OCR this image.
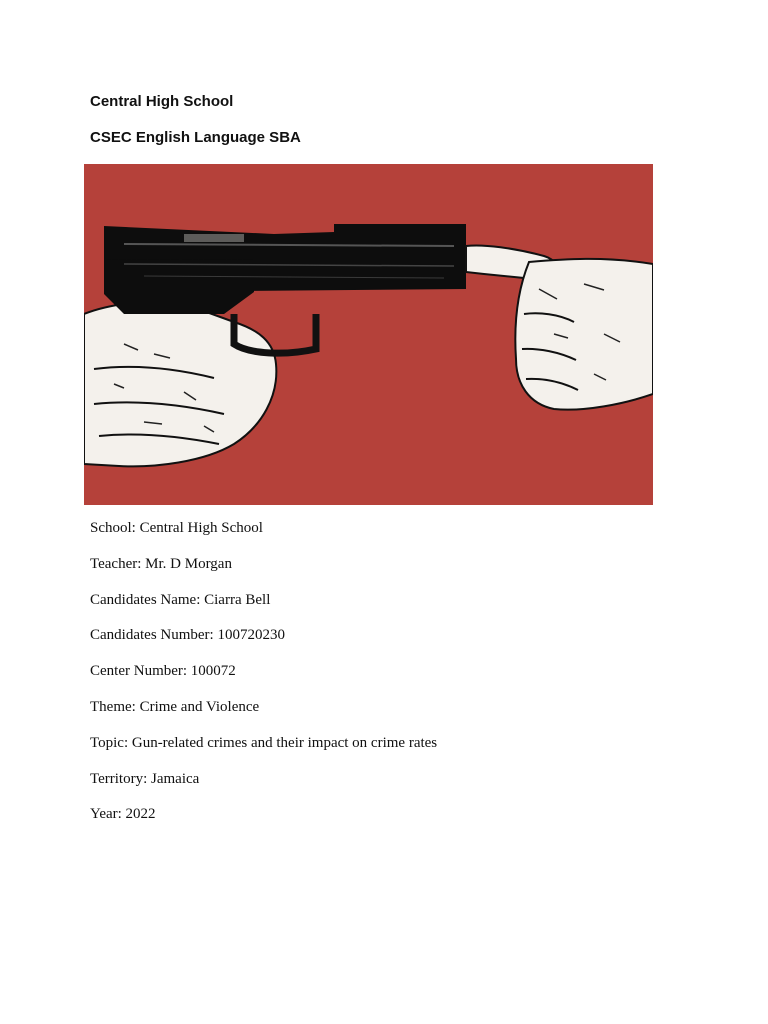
Central High School
CSEC English Language SBA
School: Central High School
Teacher: Mr. D Morgan
Candidates Name: Ciarra Bell
Candidates Number: 100720230
Center Number: 100072
Theme: Crime and Violence
Topic: Gun-related crimes and their impact on crime rates
Territory: Jamaica
Year: 2022
